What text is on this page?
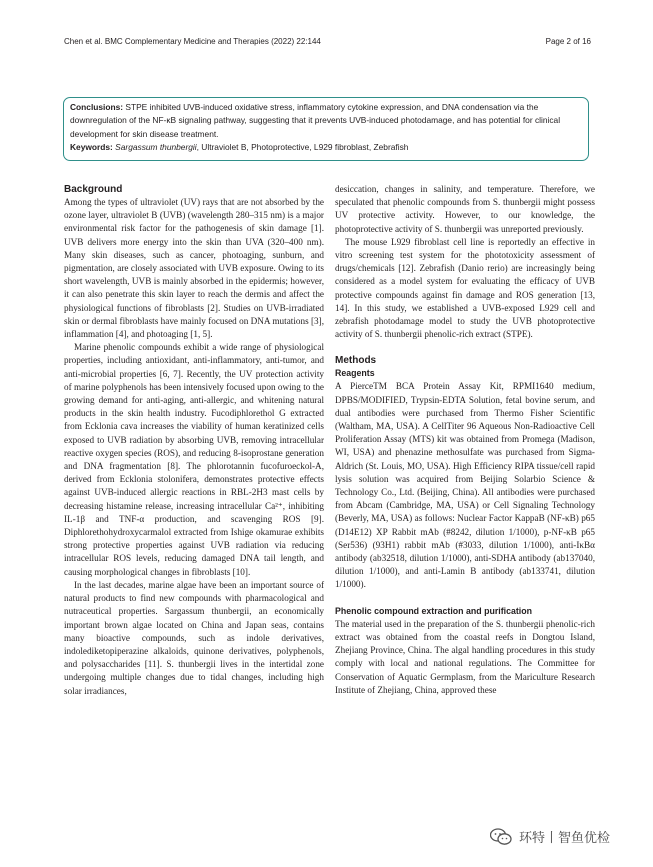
Chen et al. BMC Complementary Medicine and Therapies (2022) 22:144	Page 2 of 16

Conclusions: STPE inhibited UVB-induced oxidative stress, inflammatory cytokine expression, and DNA condensation via the downregulation of the NF-κB signaling pathway, suggesting that it prevents UVB-induced photodamage, and has potential for clinical development for skin disease treatment.

Keywords: Sargassum thunbergii, Ultraviolet B, Photoprotective, L929 fibroblast, Zebrafish

Background

Among the types of ultraviolet (UV) rays that are not absorbed by the ozone layer, ultraviolet B (UVB) (wavelength 280–315 nm) is a major environmental risk factor for the pathogenesis of skin damage [1]. UVB delivers more energy into the skin than UVA (320–400 nm). Many skin diseases, such as cancer, photoaging, sunburn, and pigmentation, are closely associated with UVB exposure. Owing to its short wavelength, UVB is mainly absorbed in the epidermis; however, it can also penetrate this skin layer to reach the dermis and affect the physiological functions of fibroblasts [2]. Studies on UVB-irradiated skin or dermal fibroblasts have mainly focused on DNA mutations [3], inflammation [4], and photoaging [1, 5].

Marine phenolic compounds exhibit a wide range of physiological properties, including antioxidant, anti-inflammatory, anti-tumor, and anti-microbial properties [6, 7]. Recently, the UV protection activity of marine polyphenols has been intensively focused upon owing to the growing demand for anti-aging, anti-allergic, and whitening natural products in the skin health industry. Fucodiphlorethol G extracted from Ecklonia cava increases the viability of human keratinized cells exposed to UVB radiation by absorbing UVB, removing intracellular reactive oxygen species (ROS), and reducing 8-isoprostane generation and DNA fragmentation [8]. The phlorotannin fucofuroeckol-A, derived from Ecklonia stolonifera, demonstrates protective effects against UVB-induced allergic reactions in RBL-2H3 mast cells by decreasing histamine release, increasing intracellular Ca²⁺, inhibiting IL-1β and TNF-α production, and scavenging ROS [9]. Diphlorethohydroxycarmalol extracted from Ishige okamurae exhibits strong protective properties against UVB radiation via reducing intracellular ROS levels, reducing damaged DNA tail length, and causing morphological changes in fibroblasts [10].

In the last decades, marine algae have been an important source of natural products to find new compounds with pharmacological and nutraceutical properties. Sargassum thunbergii, an economically important brown algae located on China and Japan seas, contains many bioactive compounds, such as indole derivatives, indolediketopiperazine alkaloids, quinone derivatives, polyphenols, and polysaccharides [11]. S. thunbergii lives in the intertidal zone undergoing multiple changes due to tidal changes, including high solar irradiances,

desiccation, changes in salinity, and temperature. Therefore, we speculated that phenolic compounds from S. thunbergii might possess UV protective activity. However, to our knowledge, the photoprotective activity of S. thunbergii was unreported previously.

The mouse L929 fibroblast cell line is reportedly an effective in vitro screening test system for the phototoxicity assessment of drugs/chemicals [12]. Zebrafish (Danio rerio) are increasingly being considered as a model system for evaluating the efficacy of UVB protective compounds against fin damage and ROS generation [13, 14]. In this study, we established a UVB-exposed L929 cell and zebrafish photodamage model to study the UVB photoprotective activity of S. thunbergii phenolic-rich extract (STPE).

Methods
Reagents

A PierceTM BCA Protein Assay Kit, RPMI1640 medium, DPBS/MODIFIED, Trypsin-EDTA Solution, fetal bovine serum, and dual antibodies were purchased from Thermo Fisher Scientific (Waltham, MA, USA). A CellTiter 96 Aqueous Non-Radioactive Cell Proliferation Assay (MTS) kit was obtained from Promega (Madison, WI, USA) and phenazine methosulfate was purchased from Sigma-Aldrich (St. Louis, MO, USA). High Efficiency RIPA tissue/cell rapid lysis solution was acquired from Beijing Solarbio Science & Technology Co., Ltd. (Beijing, China). All antibodies were purchased from Abcam (Cambridge, MA, USA) or Cell Signaling Technology (Beverly, MA, USA) as follows: Nuclear Factor KappaB (NF-κB) p65 (D14E12) XP Rabbit mAb (#8242, dilution 1/1000), p-NF-κB p65 (Ser536) (93H1) rabbit mAb (#3033, dilution 1/1000), anti-IκBα antibody (ab32518, dilution 1/1000), anti-SDHA antibody (ab137040, dilution 1/1000), and anti-Lamin B antibody (ab133741, dilution 1/1000).

Phenolic compound extraction and purification

The material used in the preparation of the S. thunbergii phenolic-rich extract was obtained from the coastal reefs in Dongtou Island, Zhejiang Province, China. The algal handling procedures in this study comply with local and national regulations. The Committee for Conservation of Aquatic Germplasm, from the Mariculture Research Institute of Zhejiang, China, approved these

环特丨智鱼优检
